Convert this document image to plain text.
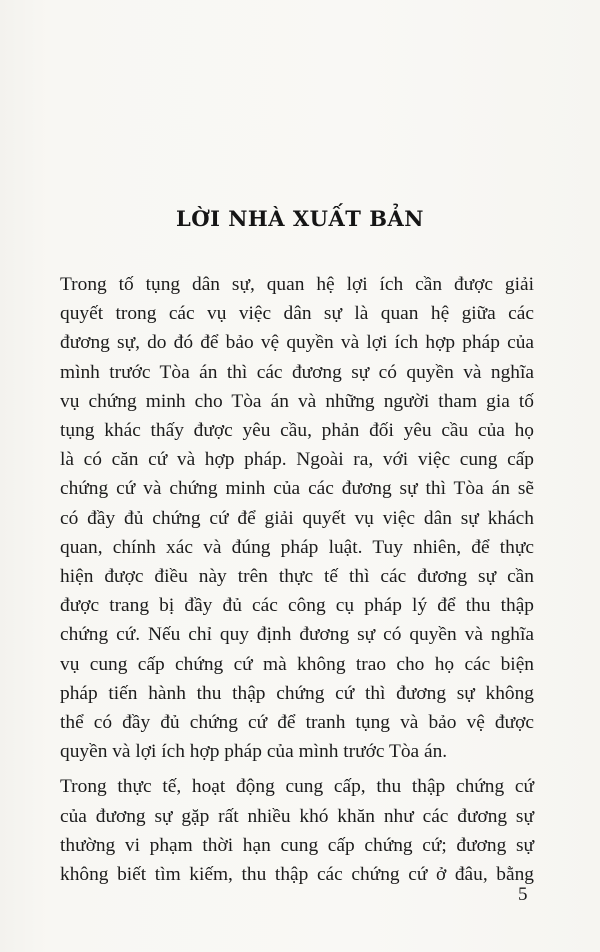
LỜI NHÀ XUẤT BẢN

Trong tố tụng dân sự, quan hệ lợi ích cần được giải
quyết trong các vụ việc dân sự là quan hệ giữa các
đương sự, do đó để bảo vệ quyền và lợi ích hợp pháp của
mình trước Tòa án thì các đương sự có quyền và nghĩa
vụ chứng minh cho Tòa án và những người tham gia tố
tụng khác thấy được yêu cầu, phản đối yêu cầu của họ
là có căn cứ và hợp pháp. Ngoài ra, với việc cung cấp
chứng cứ và chứng minh của các đương sự thì Tòa án sẽ
có đầy đủ chứng cứ để giải quyết vụ việc dân sự khách
quan, chính xác và đúng pháp luật. Tuy nhiên, để thực
hiện được điều này trên thực tế thì các đương sự cần
được trang bị đầy đủ các công cụ pháp lý để thu thập
chứng cứ. Nếu chỉ quy định đương sự có quyền và nghĩa
vụ cung cấp chứng cứ mà không trao cho họ các biện
pháp tiến hành thu thập chứng cứ thì đương sự không
thể có đầy đủ chứng cứ để tranh tụng và bảo vệ được
quyền và lợi ích hợp pháp của mình trước Tòa án.

Trong thực tế, hoạt động cung cấp, thu thập chứng cứ
của đương sự gặp rất nhiều khó khăn như các đương sự
thường vi phạm thời hạn cung cấp chứng cứ; đương sự
không biết tìm kiếm, thu thập các chứng cứ ở đâu, bằng

5
